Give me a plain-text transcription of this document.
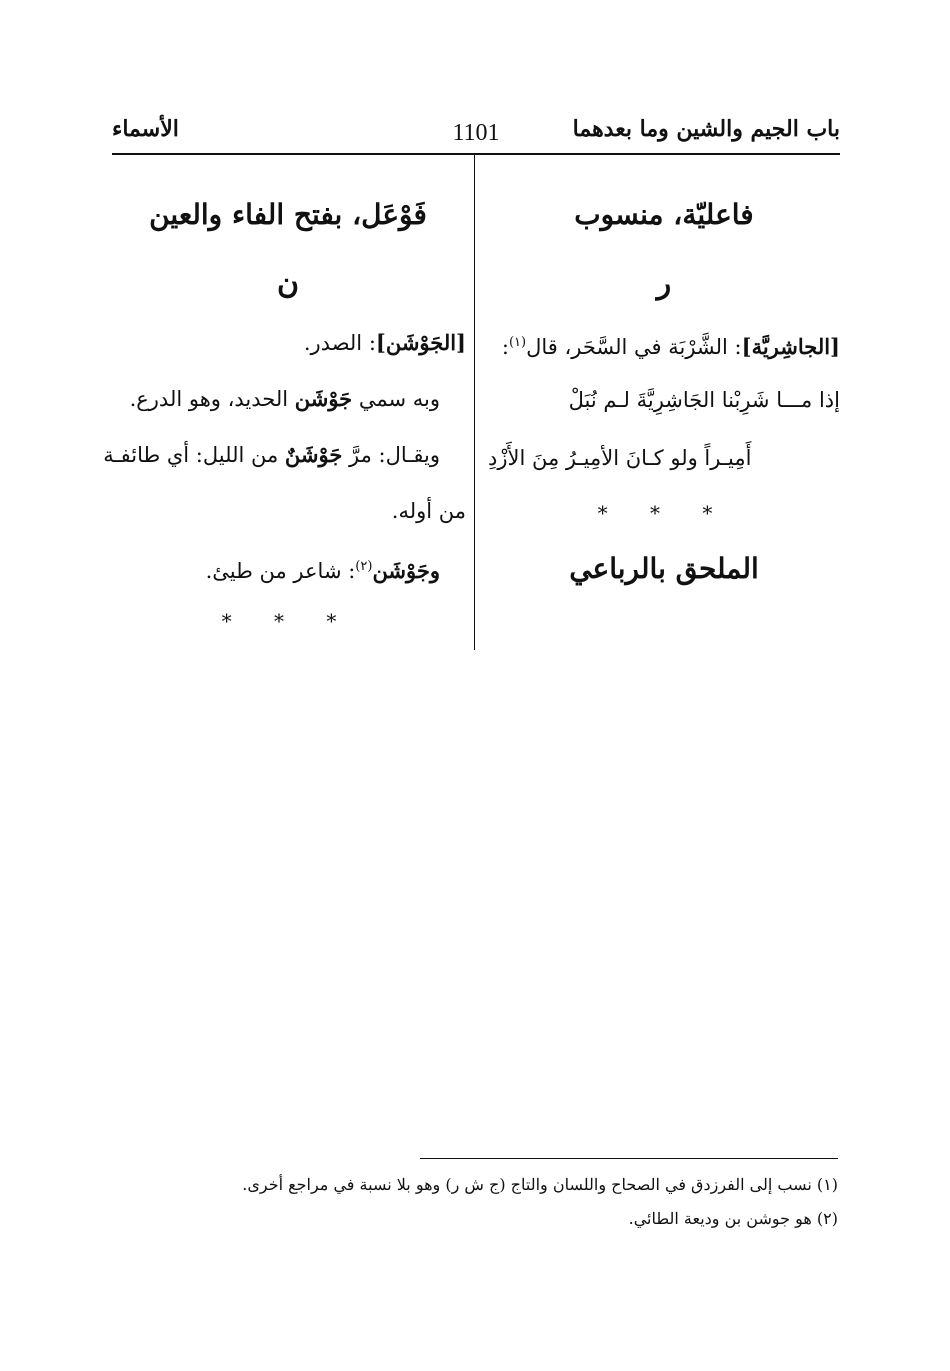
باب الجيم والشين وما بعدهما
1101
الأسماء
فاعليّة، منسوب
ر
[الجاشِريَّة]: الشَّرْبَة في السَّحَر، قال$^{(١)}$:
إذا مـــا شَرِبْنا الجَاشِرِيَّةَ لـم نُبَلْ
أَمِيـراً ولو كـانَ الأمِيـرُ مِنَ الأَزْدِ
* * *
الملحق بالرباعي
فَوْعَل، بفتح الفاء والعين
ن
[الجَوْشَن]: الصدر.
وبه سمي جَوْشَن الحديد، وهو الدرع.
ويقـال: مرَّ جَوْشَنٌ من الليل: أي طائفـة
من أوله.
وجَوْشَن$^{(٢)}$: شاعر من طيئ.
* * *
(١) نسب إلى الفرزدق في الصحاح واللسان والتاج (ج ش ر) وهو بلا نسبة في مراجع أخرى.
(٢) هو جوشن بن وديعة الطائي.
